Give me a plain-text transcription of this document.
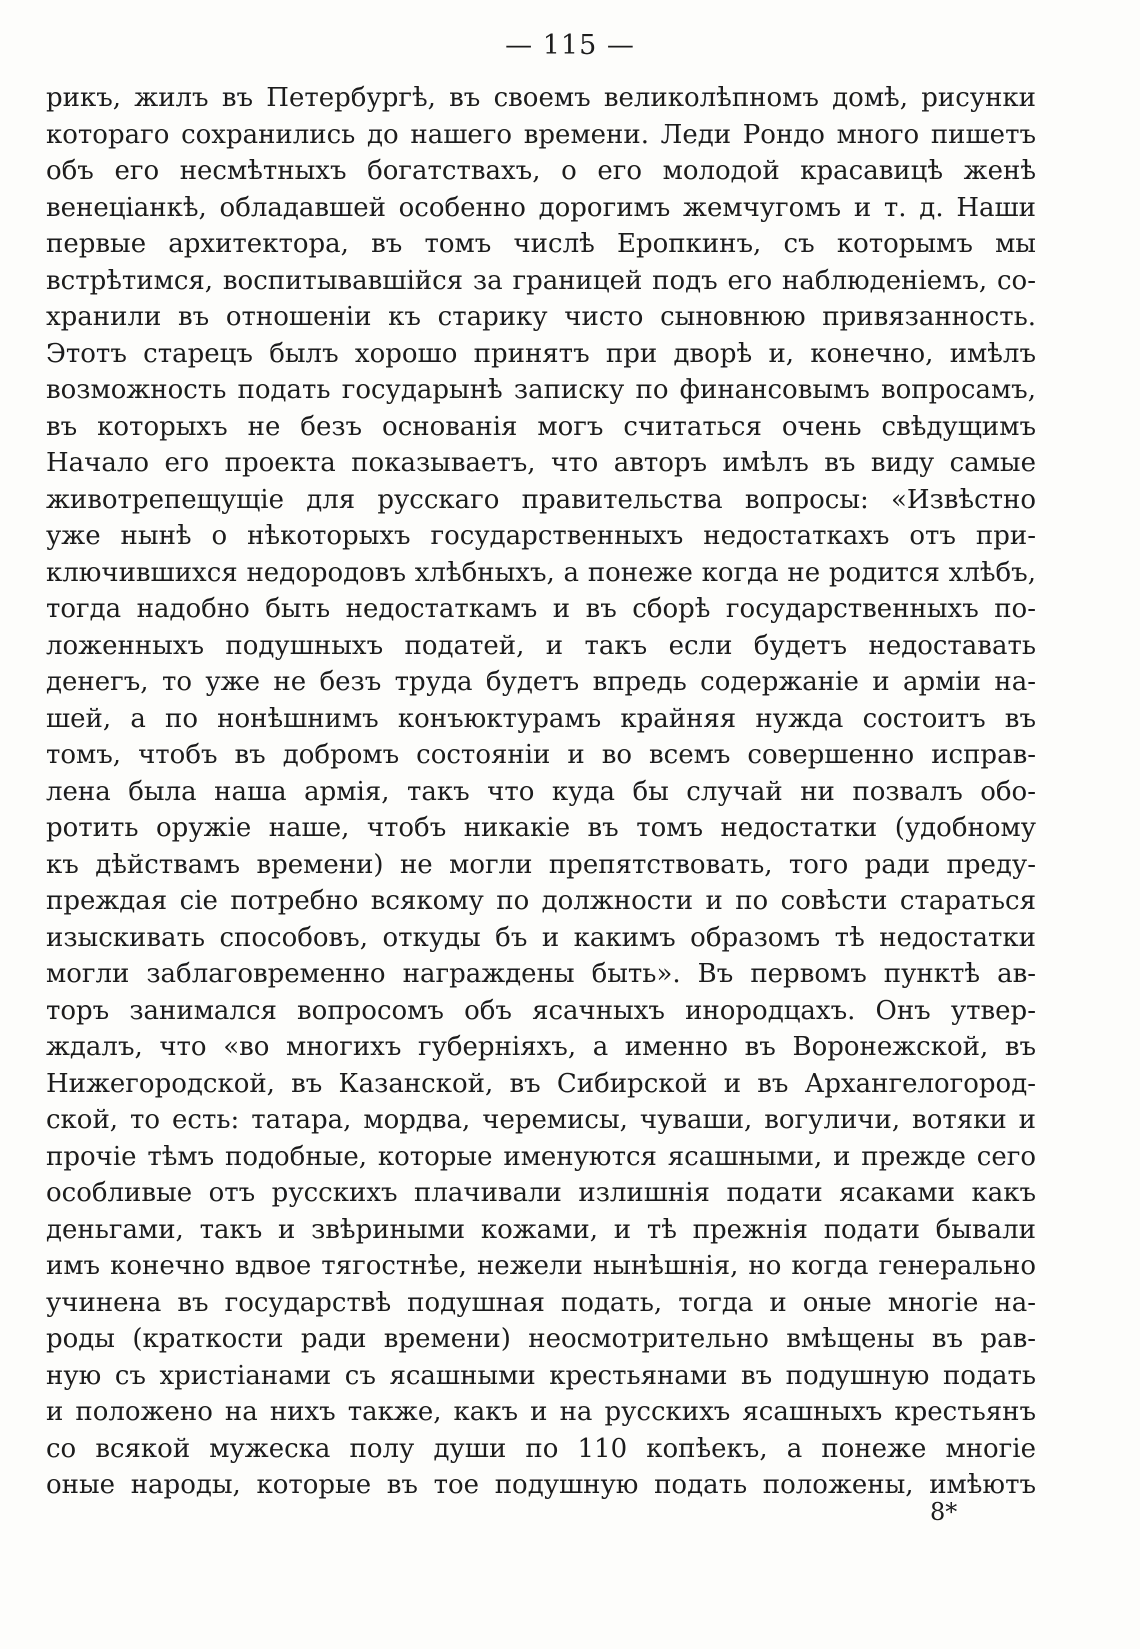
— 115 —
рикъ, жилъ въ Петербургѣ, въ своемъ великолѣпномъ домѣ, рисунки
котораго сохранились до нашего времени. Леди Рондо много пишетъ
объ его несмѣтныхъ богатствахъ, о его молодой красавицѣ женѣ
венеціанкѣ, обладавшей особенно дорогимъ жемчугомъ и т. д. Наши
первые архитектора, въ томъ числѣ Еропкинъ, съ которымъ мы
встрѣтимся, воспитывавшійся за границей подъ его наблюденіемъ, со-
хранили въ отношеніи къ старику чисто сыновнюю привязанность.
Этотъ старецъ былъ хорошо принятъ при дворѣ и, конечно, имѣлъ
возможность подать государынѣ записку по финансовымъ вопросамъ,
въ которыхъ не безъ основанія могъ считаться очень свѣдущимъ
Начало его проекта показываетъ, что авторъ имѣлъ въ виду самые
животрепещущіе для русскаго правительства вопросы: «Извѣстно
уже нынѣ о нѣкоторыхъ государственныхъ недостаткахъ отъ при-
ключившихся недородовъ хлѣбныхъ, а понеже когда не родится хлѣбъ,
тогда надобно быть недостаткамъ и въ сборѣ государственныхъ по-
ложенныхъ подушныхъ податей, и такъ если будетъ недоставать
денегъ, то уже не безъ труда будетъ впредь содержаніе и арміи на-
шей, а по нонѣшнимъ конъюктурамъ крайняя нужда состоитъ въ
томъ, чтобъ въ добромъ состояніи и во всемъ совершенно исправ-
лена была наша армія, такъ что куда бы случай ни позвалъ обо-
ротить оружіе наше, чтобъ никакіе въ томъ недостатки (удобному
къ дѣйствамъ времени) не могли препятствовать, того ради преду-
преждая сіе потребно всякому по должности и по совѣсти стараться
изыскивать способовъ, откуды бъ и какимъ образомъ тѣ недостатки
могли заблаговременно награждены быть». Въ первомъ пунктѣ ав-
торъ занимался вопросомъ объ ясачныхъ инородцахъ. Онъ утвер-
ждалъ, что «во многихъ губерніяхъ, а именно въ Воронежской, въ
Нижегородской, въ Казанской, въ Сибирской и въ Архангелогород-
ской, то есть: татара, мордва, черемисы, чуваши, вогуличи, вотяки и
прочіе тѣмъ подобные, которые именуются ясашными, и прежде сего
особливые отъ русскихъ плачивали излишнія подати ясаками какъ
деньгами, такъ и звѣриными кожами, и тѣ прежнія подати бывали
имъ конечно вдвое тягостнѣе, нежели нынѣшнія, но когда генерально
учинена въ государствѣ подушная подать, тогда и оные многіе на-
роды (краткости ради времени) неосмотрительно вмѣщены въ рав-
ную съ христіанами съ ясашными крестьянами въ подушную подать
и положено на нихъ также, какъ и на русскихъ ясашныхъ крестьянъ
со всякой мужеска полу души по 110 копѣекъ, а понеже многіе
оные народы, которые въ тое подушную подать положены, имѣютъ
8*
